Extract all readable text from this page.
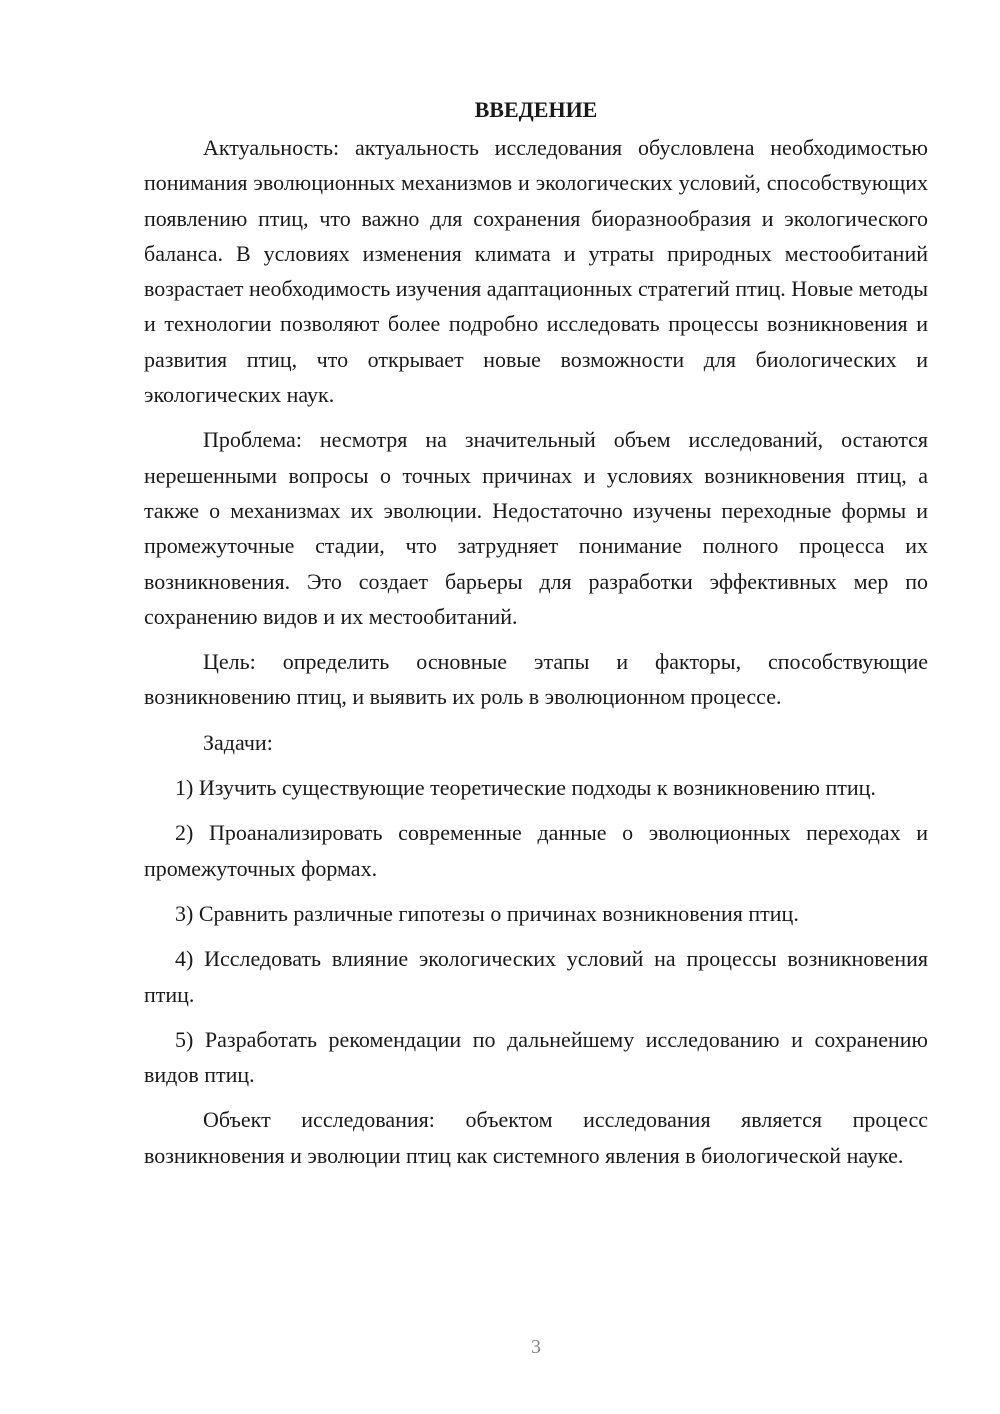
ВВЕДЕНИЕ

Актуальность: актуальность исследования обусловлена необходимостью понимания эволюционных механизмов и экологических условий, способствующих появлению птиц, что важно для сохранения биоразнообразия и экологического баланса. В условиях изменения климата и утраты природных местообитаний возрастает необходимость изучения адаптационных стратегий птиц. Новые методы и технологии позволяют более подробно исследовать процессы возникновения и развития птиц, что открывает новые возможности для биологических и экологических наук.

Проблема: несмотря на значительный объем исследований, остаются нерешенными вопросы о точных причинах и условиях возникновения птиц, а также о механизмах их эволюции. Недостаточно изучены переходные формы и промежуточные стадии, что затрудняет понимание полного процесса их возникновения. Это создает барьеры для разработки эффективных мер по сохранению видов и их местообитаний.

Цель: определить основные этапы и факторы, способствующие возникновению птиц, и выявить их роль в эволюционном процессе.

Задачи:

1) Изучить существующие теоретические подходы к возникновению птиц.

2) Проанализировать современные данные о эволюционных переходах и промежуточных формах.

3) Сравнить различные гипотезы о причинах возникновения птиц.

4) Исследовать влияние экологических условий на процессы возникновения птиц.

5) Разработать рекомендации по дальнейшему исследованию и сохранению видов птиц.

Объект исследования: объектом исследования является процесс возникновения и эволюции птиц как системного явления в биологической науке.

3
